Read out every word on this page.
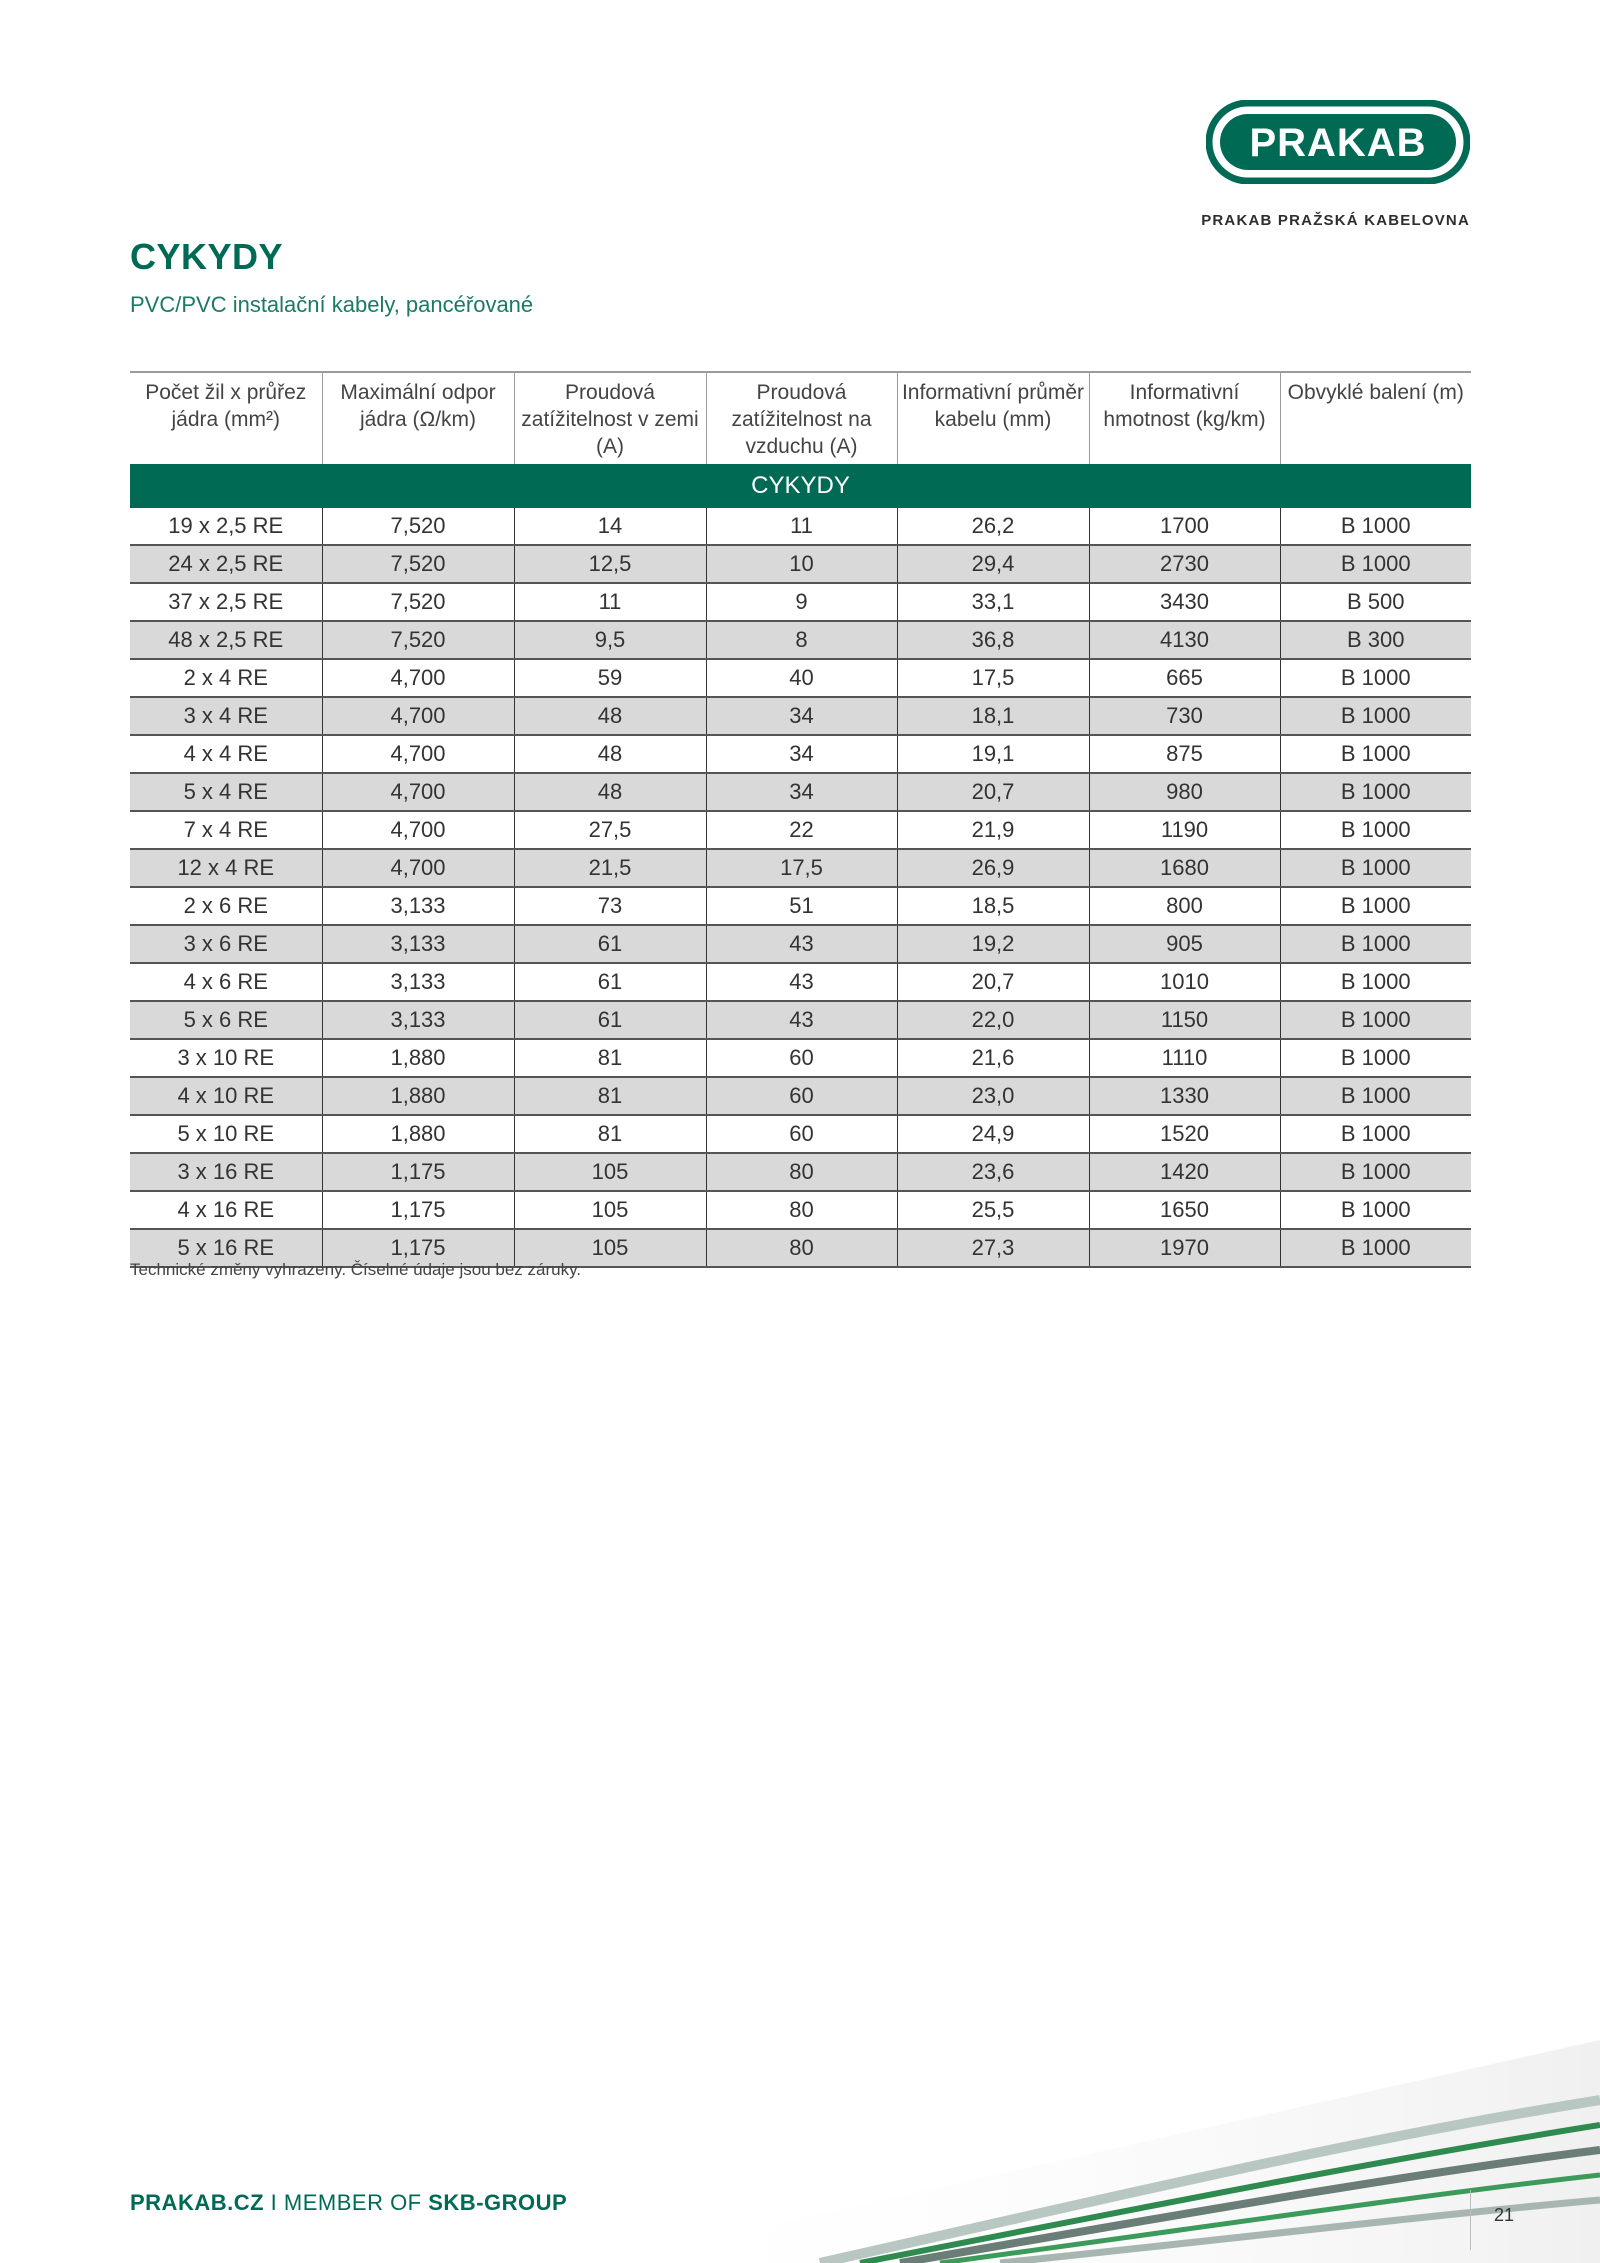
PRAKAB
PRAKAB PRAŽSKÁ KABELOVNA
CYKYDY
PVC/PVC instalační kabely, pancéřované
Počet žil x průřez jádra (mm²)	Maximální odpor jádra (Ω/km)	Proudová zatížitelnost v zemi (A)	Proudová zatížitelnost na vzduchu (A)	Informativní průměr kabelu (mm)	Informativní hmotnost (kg/km)	Obvyklé balení (m)
CYKYDY						
19 x 2,5 RE	7,520	14	11	26,2	1700	B 1000
24 x 2,5 RE	7,520	12,5	10	29,4	2730	B 1000
37 x 2,5 RE	7,520	11	9	33,1	3430	B 500
48 x 2,5 RE	7,520	9,5	8	36,8	4130	B 300
2 x 4 RE	4,700	59	40	17,5	665	B 1000
3 x 4 RE	4,700	48	34	18,1	730	B 1000
4 x 4 RE	4,700	48	34	19,1	875	B 1000
5 x 4 RE	4,700	48	34	20,7	980	B 1000
7 x 4 RE	4,700	27,5	22	21,9	1190	B 1000
12 x 4 RE	4,700	21,5	17,5	26,9	1680	B 1000
2 x 6 RE	3,133	73	51	18,5	800	B 1000
3 x 6 RE	3,133	61	43	19,2	905	B 1000
4 x 6 RE	3,133	61	43	20,7	1010	B 1000
5 x 6 RE	3,133	61	43	22,0	1150	B 1000
3 x 10 RE	1,880	81	60	21,6	1110	B 1000
4 x 10 RE	1,880	81	60	23,0	1330	B 1000
5 x 10 RE	1,880	81	60	24,9	1520	B 1000
3 x 16 RE	1,175	105	80	23,6	1420	B 1000
4 x 16 RE	1,175	105	80	25,5	1650	B 1000
5 x 16 RE	1,175	105	80	27,3	1970	B 1000
Technické změny vyhrazeny. Číselné údaje jsou bez záruky.
PRAKAB.CZ I MEMBER OF SKB-GROUP	21
